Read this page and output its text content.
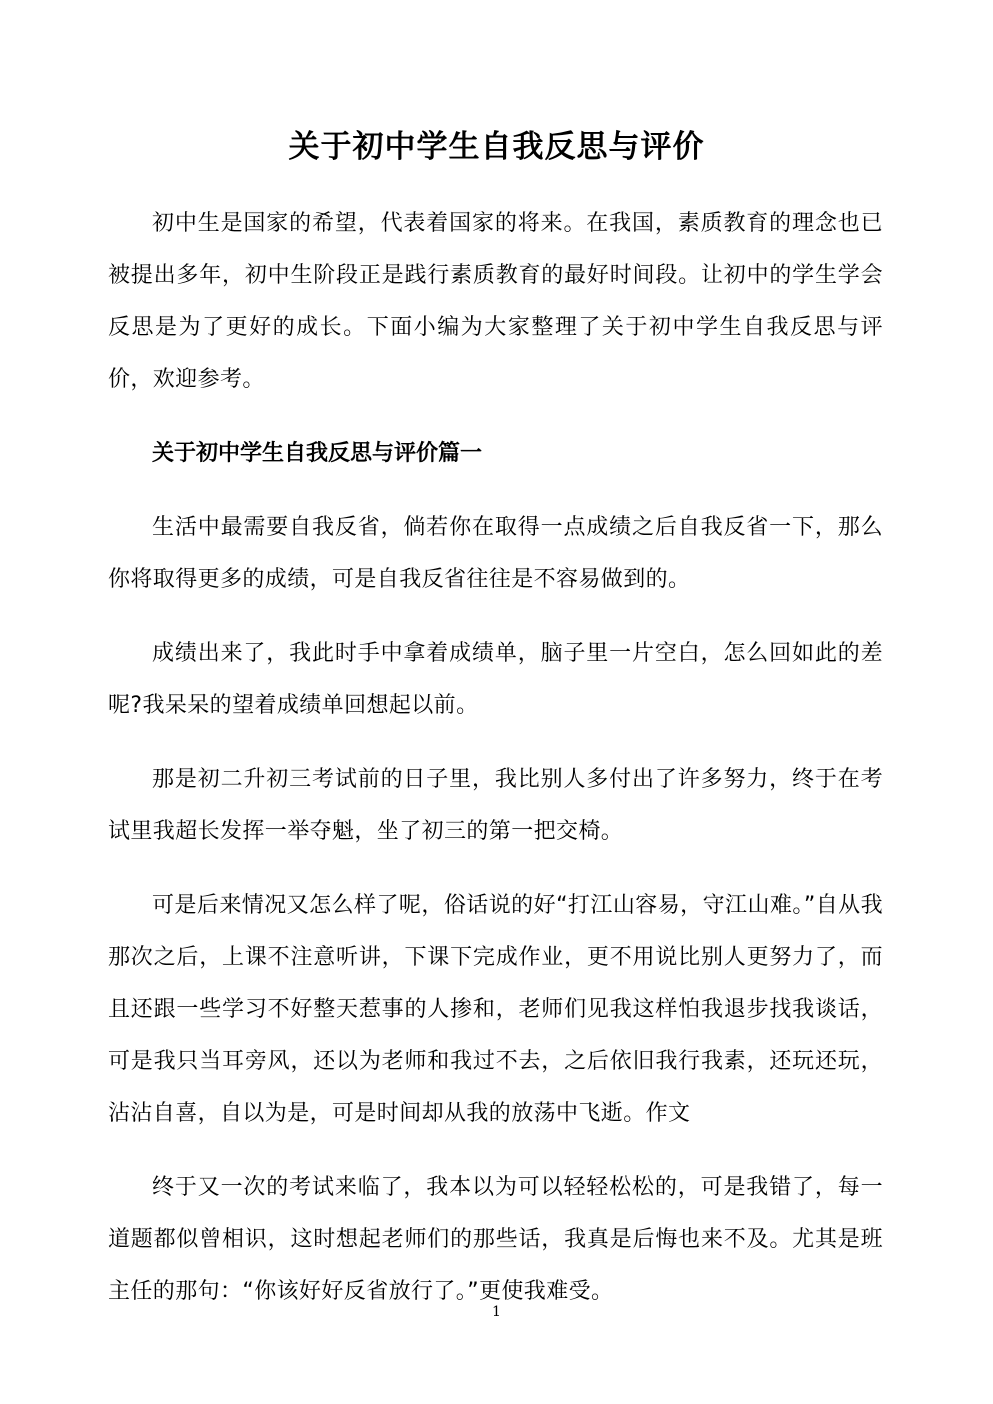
关于初中学生自我反思与评价

初中生是国家的希望，代表着国家的将来。在我国，素质教育的理念也已被提出多年，初中生阶段正是践行素质教育的最好时间段。让初中的学生学会反思是为了更好的成长。下面小编为大家整理了关于初中学生自我反思与评价，欢迎参考。

关于初中学生自我反思与评价篇一

生活中最需要自我反省，倘若你在取得一点成绩之后自我反省一下，那么你将取得更多的成绩，可是自我反省往往是不容易做到的。

成绩出来了，我此时手中拿着成绩单，脑子里一片空白，怎么回如此的差呢?我呆呆的望着成绩单回想起以前。

那是初二升初三考试前的日子里，我比别人多付出了许多努力，终于在考试里我超长发挥一举夺魁，坐了初三的第一把交椅。

可是后来情况又怎么样了呢，俗话说的好“打江山容易，守江山难。”自从我那次之后，上课不注意听讲，下课下完成作业，更不用说比别人更努力了，而且还跟一些学习不好整天惹事的人掺和，老师们见我这样怕我退步找我谈话，可是我只当耳旁风，还以为老师和我过不去，之后依旧我行我素，还玩还玩，沾沾自喜，自以为是，可是时间却从我的放荡中飞逝。作文

终于又一次的考试来临了，我本以为可以轻轻松松的，可是我错了，每一道题都似曾相识，这时想起老师们的那些话，我真是后悔也来不及。尤其是班主任的那句：“你该好好反省放行了。”更使我难受。

1
